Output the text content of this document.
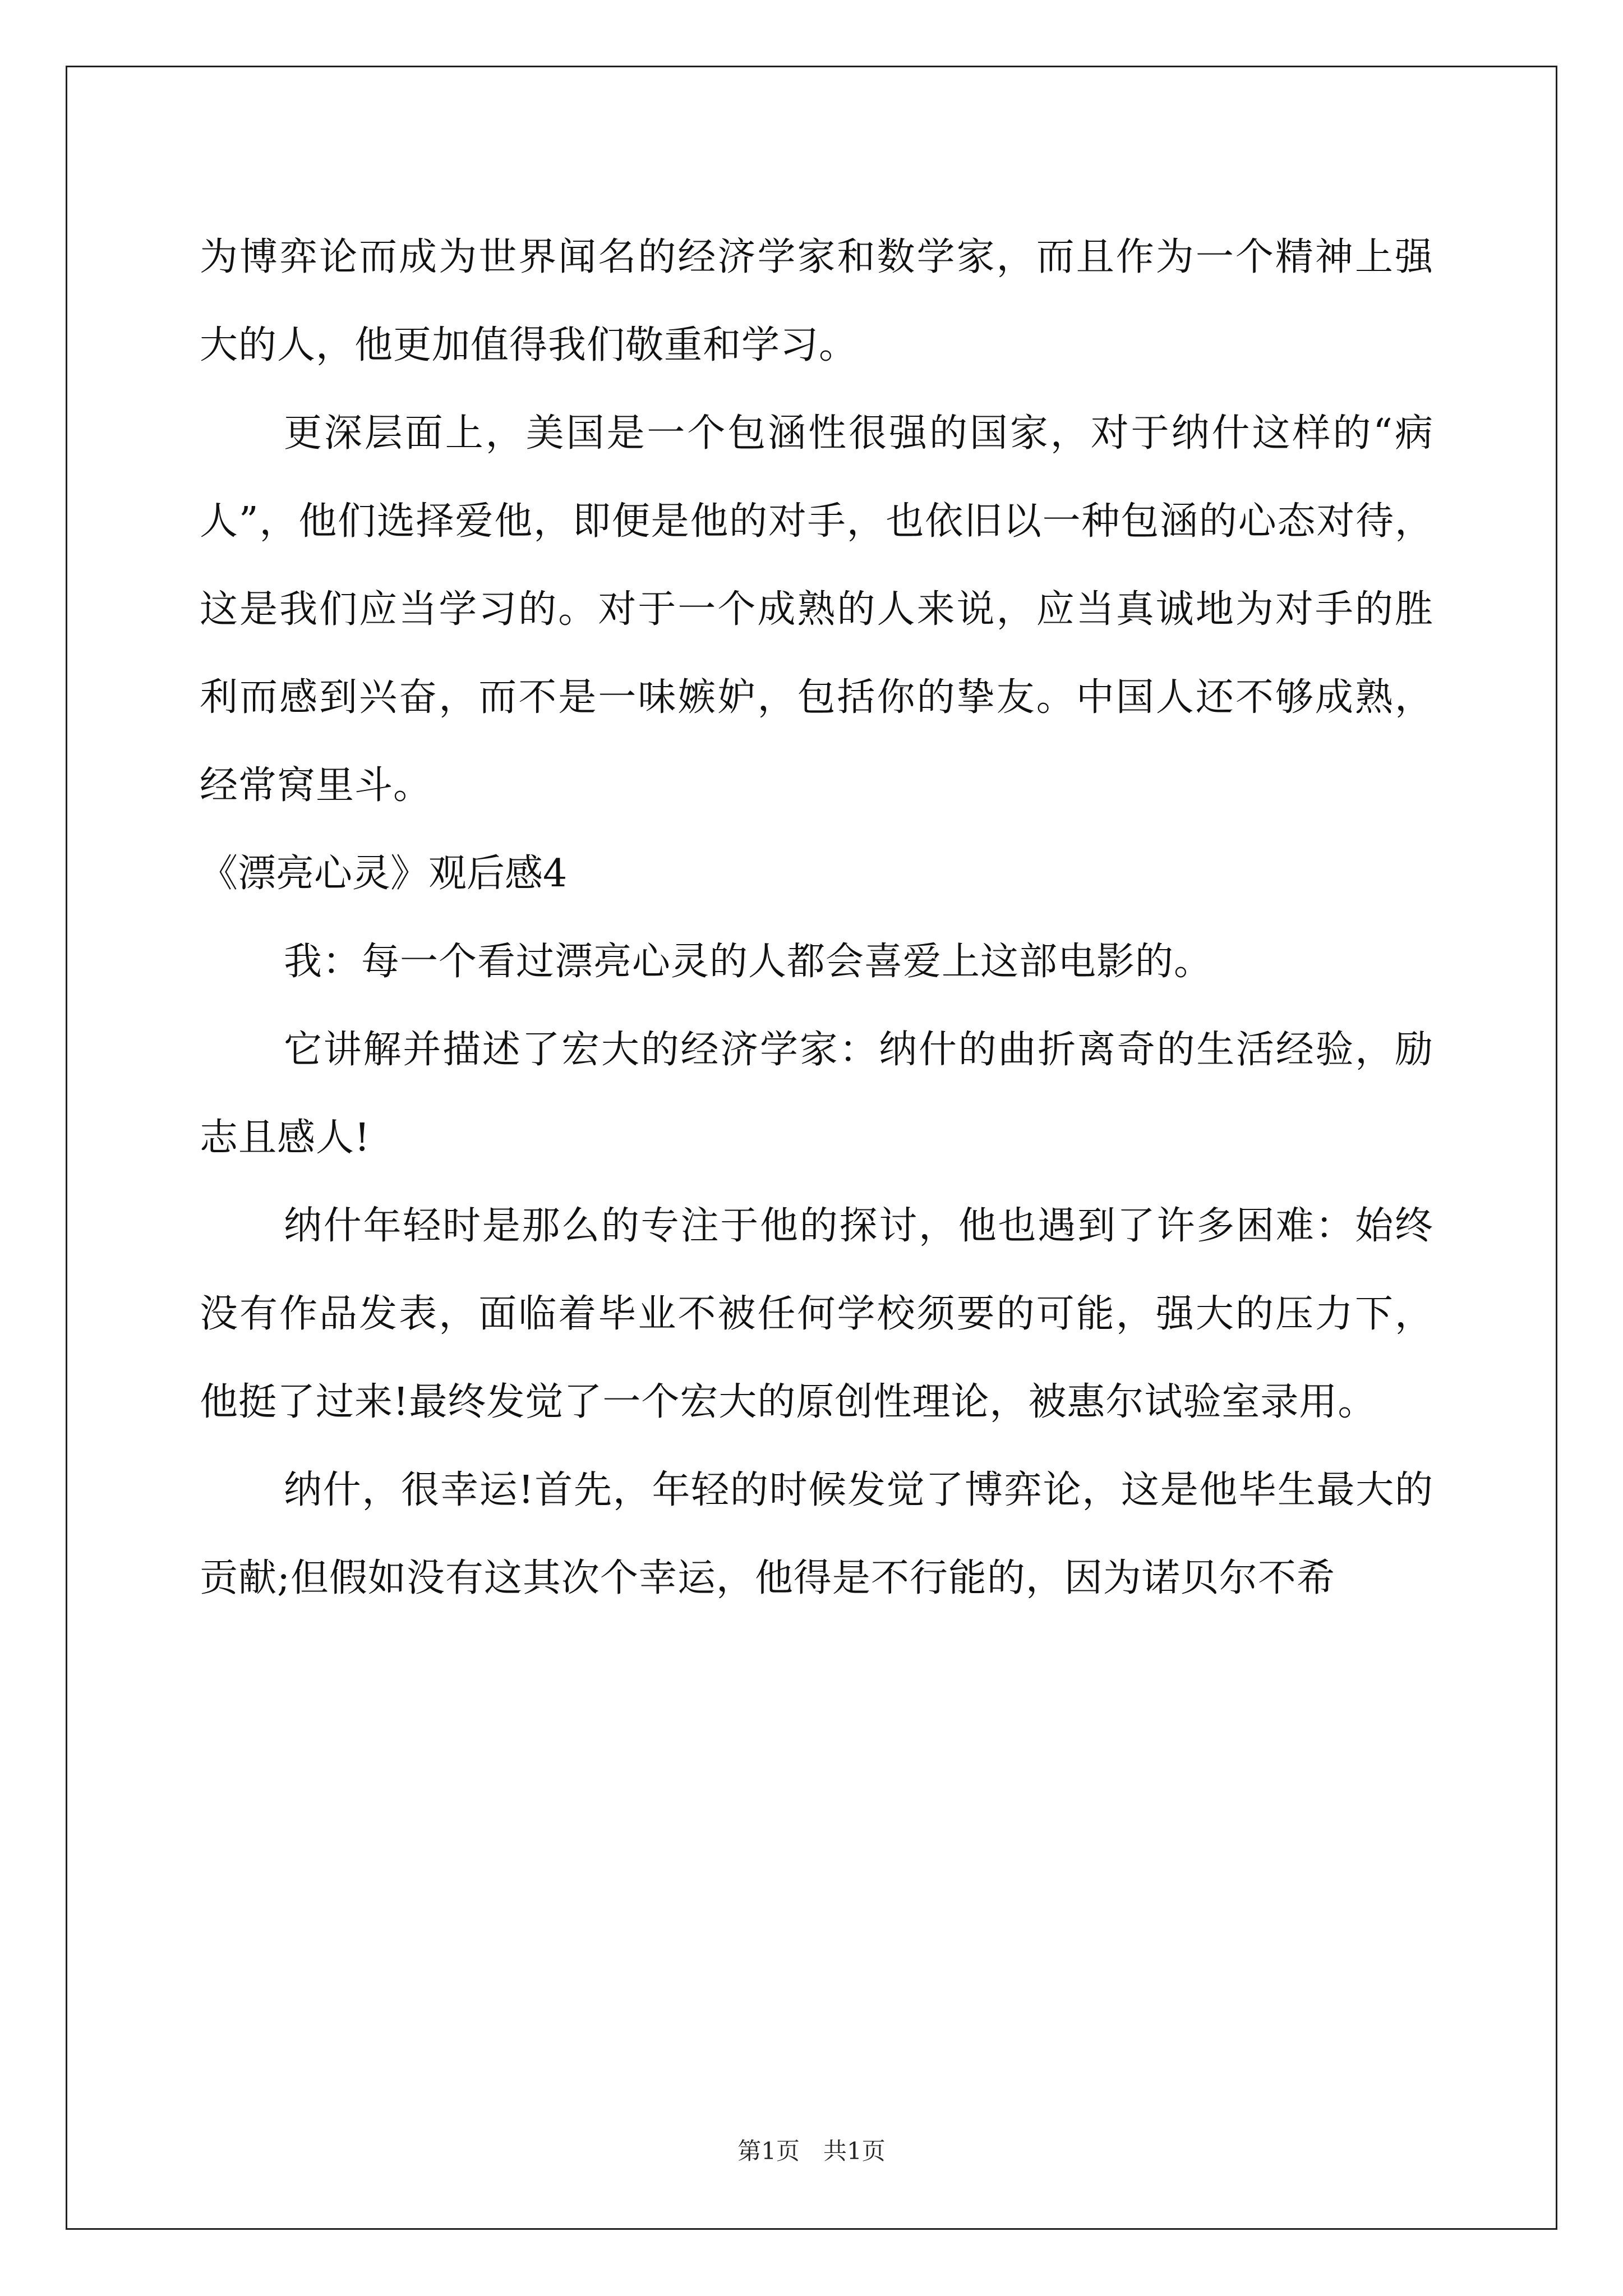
为博弈论而成为世界闻名的经济学家和数学家，而且作为一个精神上强大的人，他更加值得我们敬重和学习。

更深层面上，美国是一个包涵性很强的国家，对于纳什这样的“病人”，他们选择爱他，即便是他的对手，也依旧以一种包涵的心态对待，这是我们应当学习的。对于一个成熟的人来说，应当真诚地为对手的胜利而感到兴奋，而不是一味嫉妒，包括你的挚友。中国人还不够成熟，经常窝里斗。

《漂亮心灵》观后感4

我：每一个看过漂亮心灵的人都会喜爱上这部电影的。

它讲解并描述了宏大的经济学家：纳什的曲折离奇的生活经验，励志且感人!

纳什年轻时是那么的专注于他的探讨，他也遇到了许多困难：始终没有作品发表，面临着毕业不被任何学校须要的可能，强大的压力下，他挺了过来!最终发觉了一个宏大的原创性理论，被惠尔试验室录用。

纳什，很幸运!首先，年轻的时候发觉了博弈论，这是他毕生最大的贡献;但假如没有这其次个幸运，他得是不行能的，因为诺贝尔不希

第1页　共1页
